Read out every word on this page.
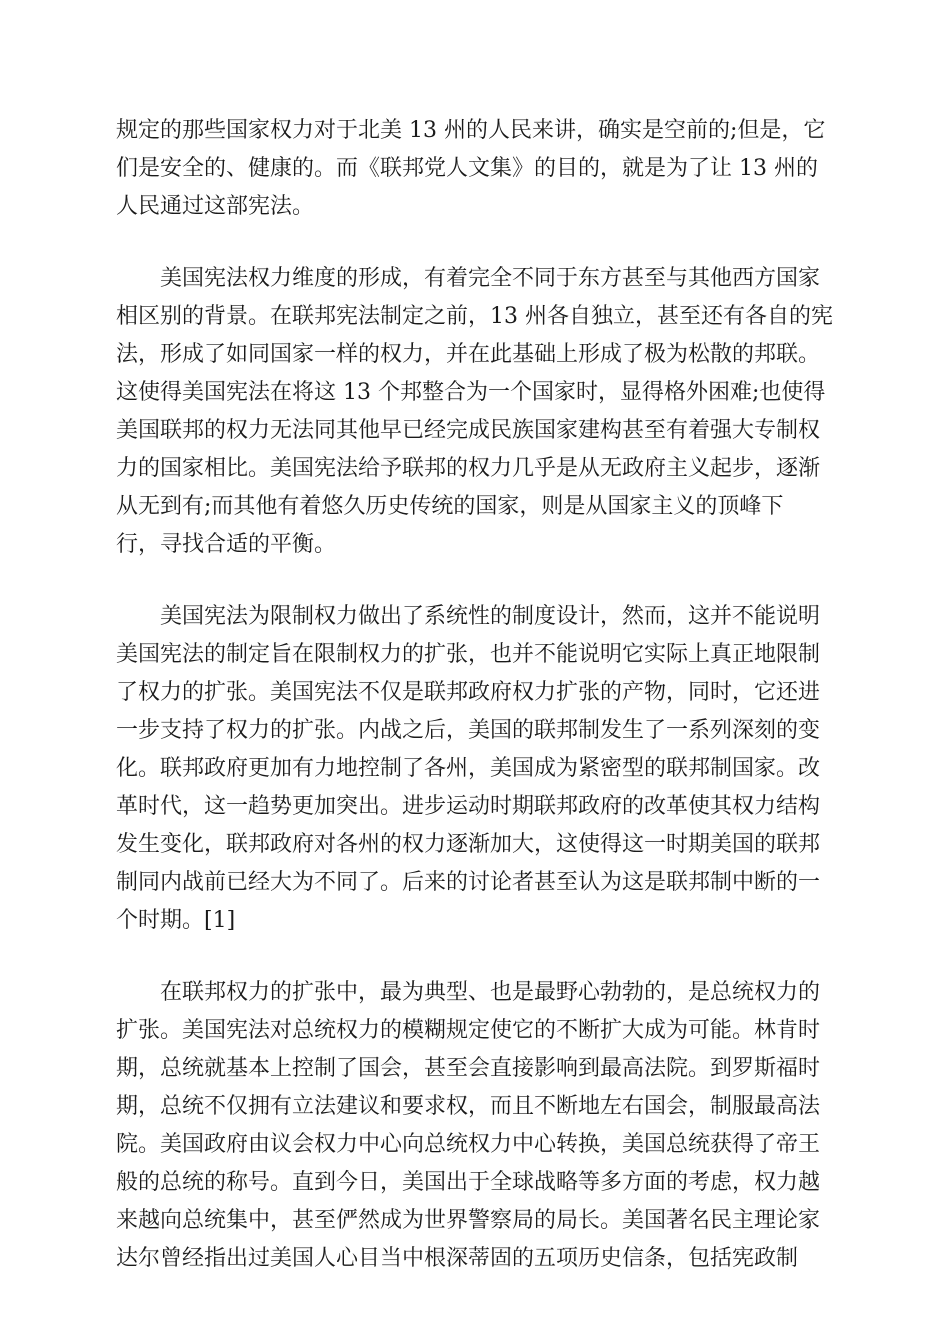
规定的那些国家权力对于北美 13 州的人民来讲，确实是空前的;但是，它
们是安全的、健康的。而《联邦党人文集》的目的，就是为了让 13 州的
人民通过这部宪法。
美国宪法权力维度的形成，有着完全不同于东方甚至与其他西方国家
相区别的背景。在联邦宪法制定之前，13 州各自独立，甚至还有各自的宪
法，形成了如同国家一样的权力，并在此基础上形成了极为松散的邦联。
这使得美国宪法在将这 13 个邦整合为一个国家时，显得格外困难;也使得
美国联邦的权力无法同其他早已经完成民族国家建构甚至有着强大专制权
力的国家相比。美国宪法给予联邦的权力几乎是从无政府主义起步，逐渐
从无到有;而其他有着悠久历史传统的国家，则是从国家主义的顶峰下
行，寻找合适的平衡。
美国宪法为限制权力做出了系统性的制度设计，然而，这并不能说明
美国宪法的制定旨在限制权力的扩张，也并不能说明它实际上真正地限制
了权力的扩张。美国宪法不仅是联邦政府权力扩张的产物，同时，它还进
一步支持了权力的扩张。内战之后，美国的联邦制发生了一系列深刻的变
化。联邦政府更加有力地控制了各州，美国成为紧密型的联邦制国家。改
革时代，这一趋势更加突出。进步运动时期联邦政府的改革使其权力结构
发生变化，联邦政府对各州的权力逐渐加大，这使得这一时期美国的联邦
制同内战前已经大为不同了。后来的讨论者甚至认为这是联邦制中断的一
个时期。[1]
在联邦权力的扩张中，最为典型、也是最野心勃勃的，是总统权力的
扩张。美国宪法对总统权力的模糊规定使它的不断扩大成为可能。林肯时
期，总统就基本上控制了国会，甚至会直接影响到最高法院。到罗斯福时
期，总统不仅拥有立法建议和要求权，而且不断地左右国会，制服最高法
院。美国政府由议会权力中心向总统权力中心转换，美国总统获得了帝王
般的总统的称号。直到今日，美国出于全球战略等多方面的考虑，权力越
来越向总统集中，甚至俨然成为世界警察局的局长。美国著名民主理论家
达尔曾经指出过美国人心目当中根深蒂固的五项历史信条，包括宪政制
